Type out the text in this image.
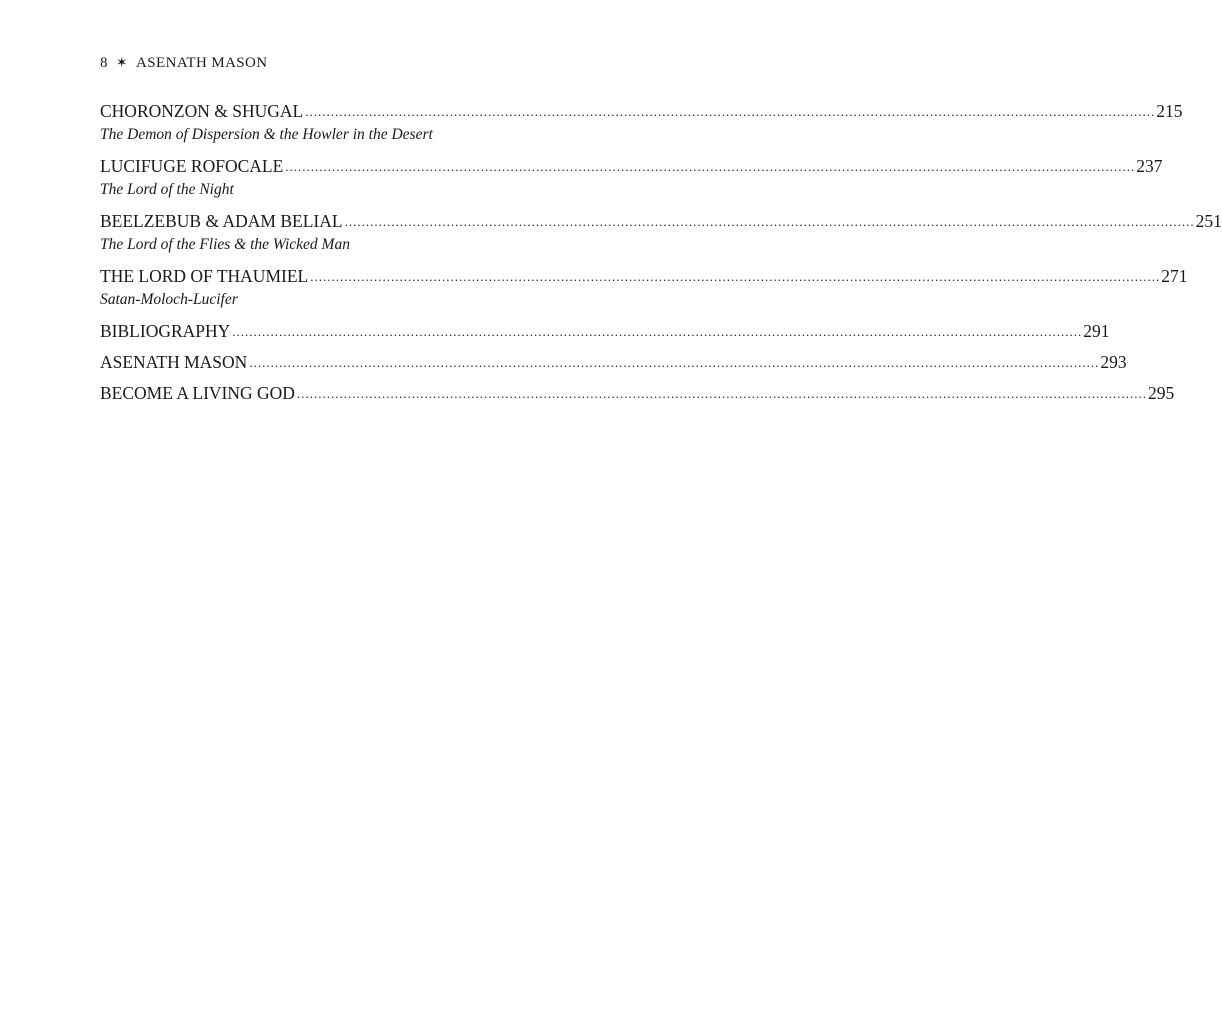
8 ✶ ASENATH MASON
CHORONZON & SHUGAL ........................................................................................................................................................................................................ 215
The Demon of Dispersion & the Howler in the Desert
LUCIFUGE ROFOCALE ........................................................................................................................................................................................................ 237
The Lord of the Night
BEELZEBUB & ADAM BELIAL ........................................................................................................................................................................................................ 251
The Lord of the Flies & the Wicked Man
THE LORD OF THAUMIEL ........................................................................................................................................................................................................ 271
Satan-Moloch-Lucifer
BIBLIOGRAPHY ........................................................................................................................................................................................................ 291
ASENATH MASON ........................................................................................................................................................................................................ 293
BECOME A LIVING GOD ........................................................................................................................................................................................................ 295
